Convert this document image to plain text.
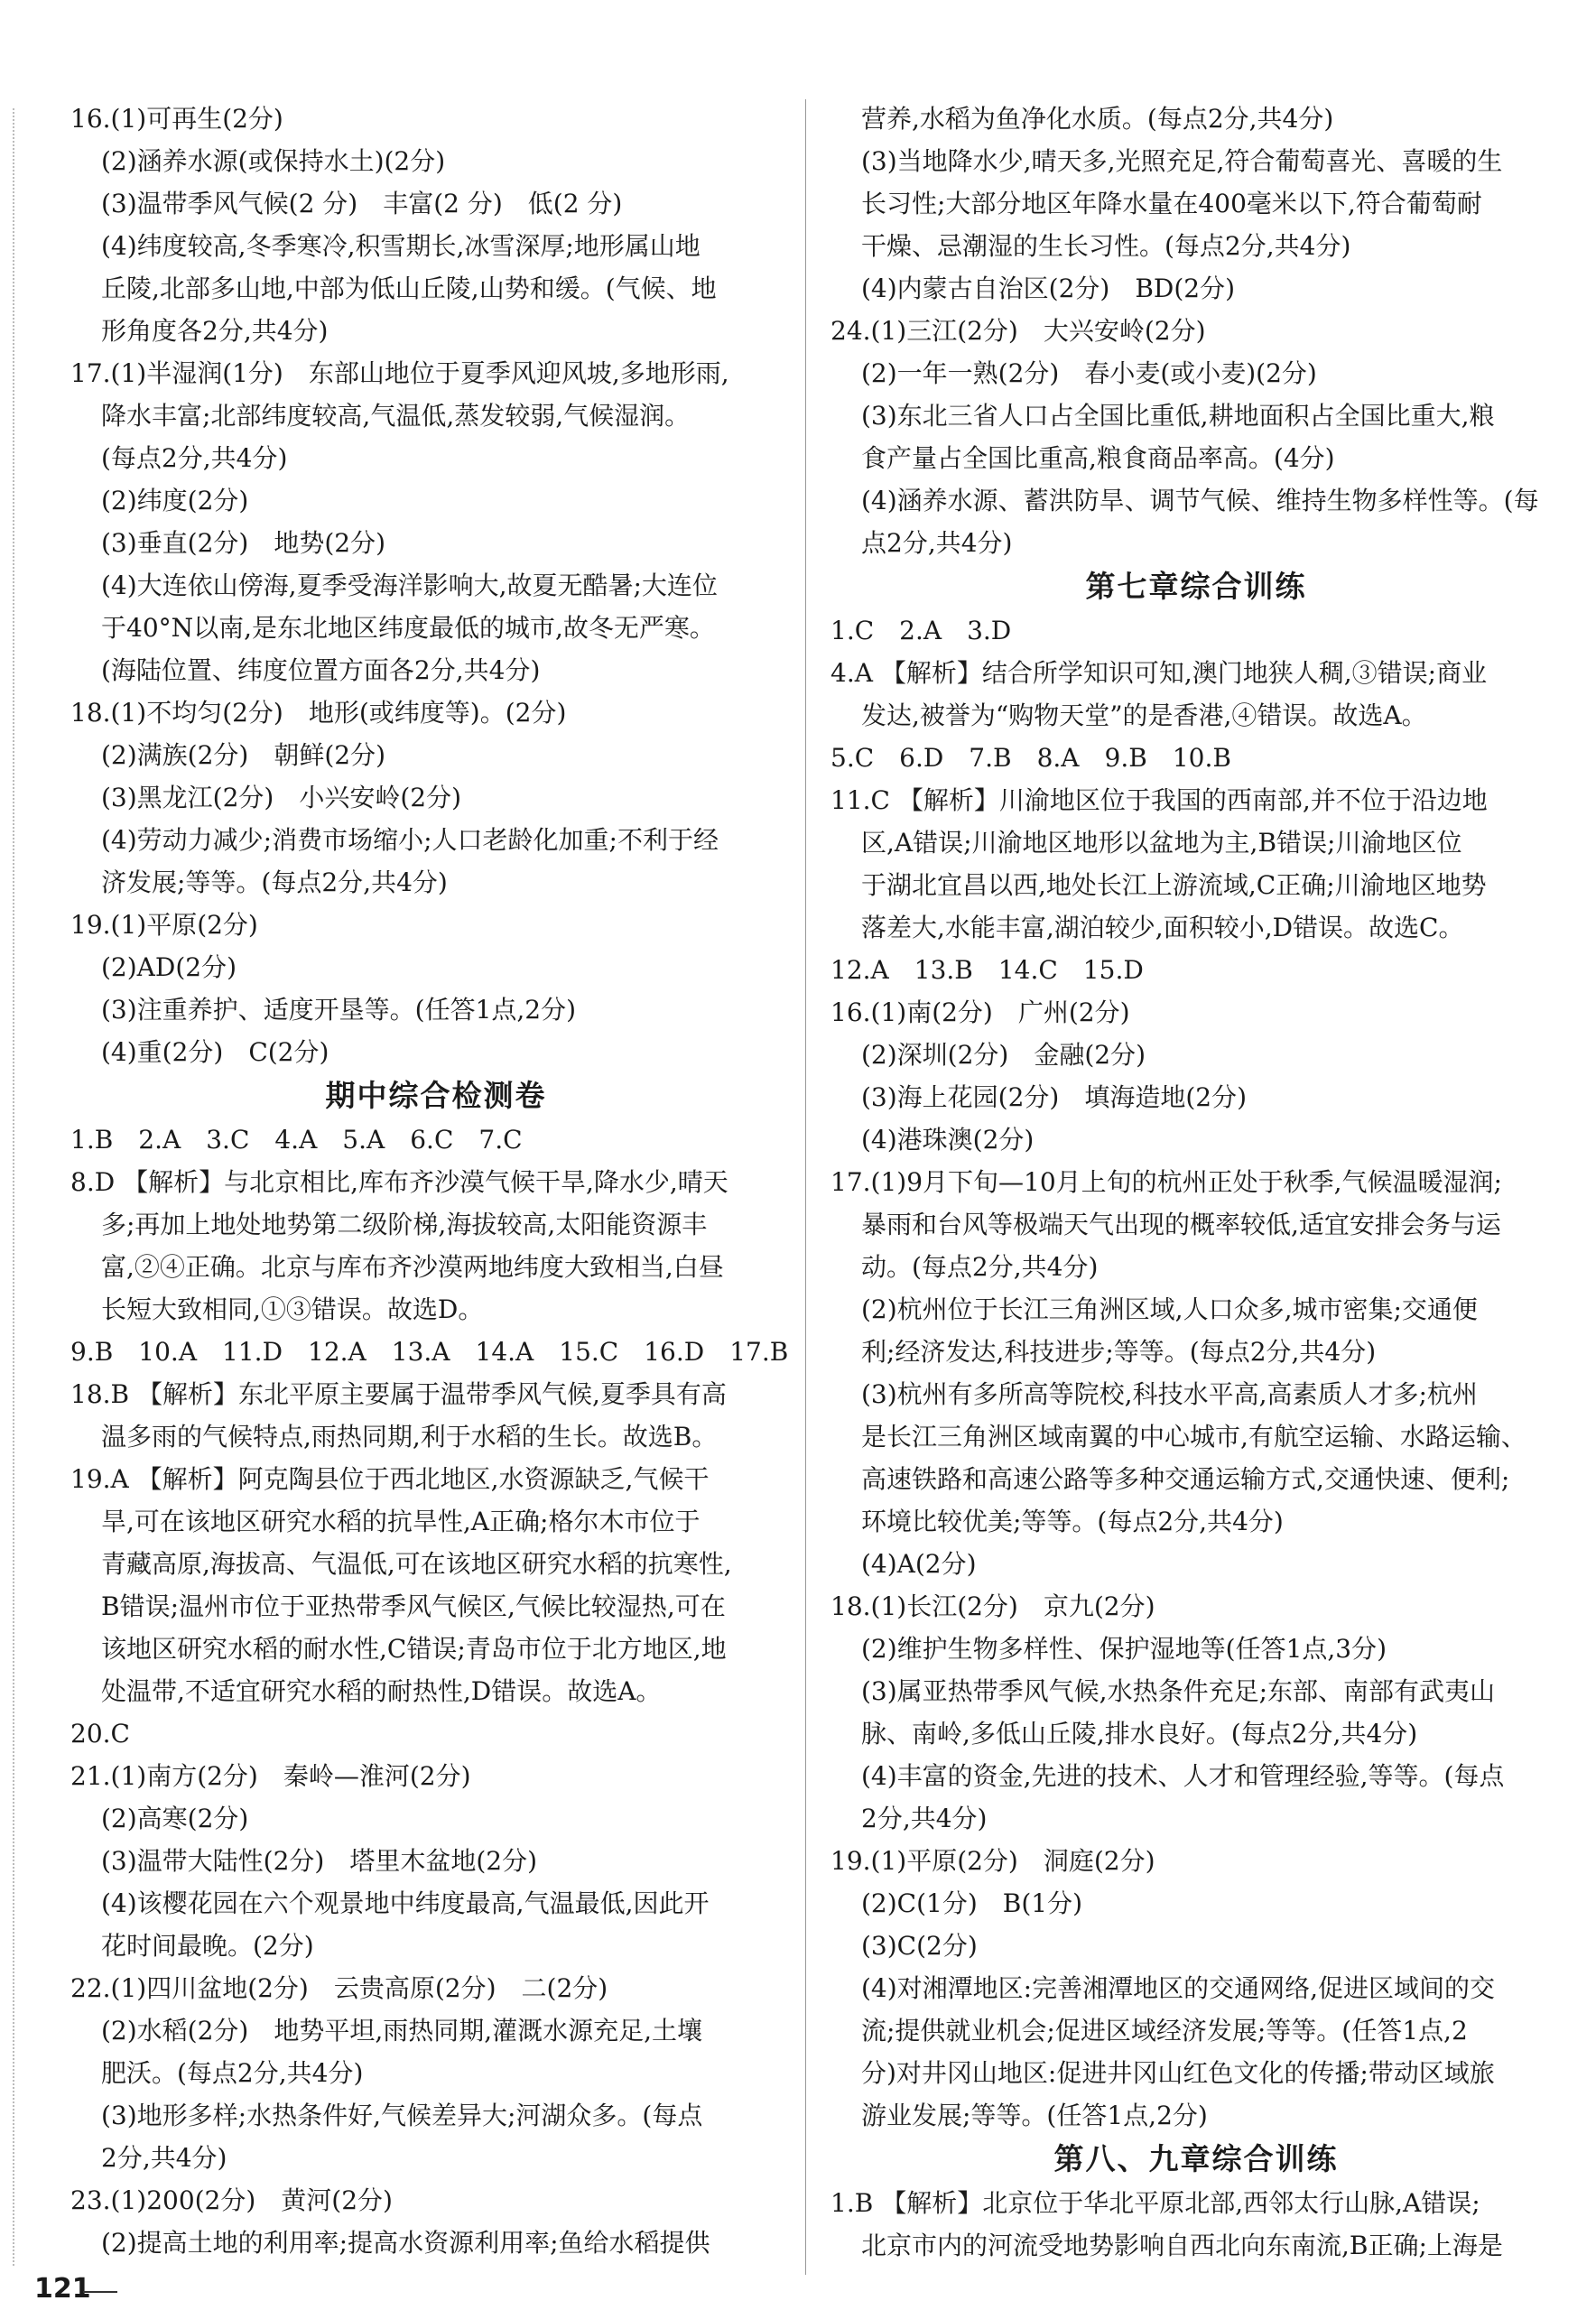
16.(1)可再生(2分)
(2)涵养水源(或保持水土)(2分)
(3)温带季风气候(2 分)　丰富(2 分)　低(2 分)
(4)纬度较高,冬季寒冷,积雪期长,冰雪深厚;地形属山地
丘陵,北部多山地,中部为低山丘陵,山势和缓。(气候、地
形角度各2分,共4分)
17.(1)半湿润(1分)　东部山地位于夏季风迎风坡,多地形雨,
降水丰富;北部纬度较高,气温低,蒸发较弱,气候湿润。
(每点2分,共4分)
(2)纬度(2分)
(3)垂直(2分)　地势(2分)
(4)大连依山傍海,夏季受海洋影响大,故夏无酷暑;大连位
于40°N以南,是东北地区纬度最低的城市,故冬无严寒。
(海陆位置、纬度位置方面各2分,共4分)
18.(1)不均匀(2分)　地形(或纬度等)。(2分)
(2)满族(2分)　朝鲜(2分)
(3)黑龙江(2分)　小兴安岭(2分)
(4)劳动力减少;消费市场缩小;人口老龄化加重;不利于经
济发展;等等。(每点2分,共4分)
19.(1)平原(2分)
(2)AD(2分)
(3)注重养护、适度开垦等。(任答1点,2分)
(4)重(2分)　C(2分)
期中综合检测卷
1.B　2.A　3.C　4.A　5.A　6.C　7.C
8.D 【解析】与北京相比,库布齐沙漠气候干旱,降水少,晴天
多;再加上地处地势第二级阶梯,海拔较高,太阳能资源丰
富,②④正确。北京与库布齐沙漠两地纬度大致相当,白昼
长短大致相同,①③错误。故选D。
9.B　10.A　11.D　12.A　13.A　14.A　15.C　16.D　17.B
18.B 【解析】东北平原主要属于温带季风气候,夏季具有高
温多雨的气候特点,雨热同期,利于水稻的生长。故选B。
19.A 【解析】阿克陶县位于西北地区,水资源缺乏,气候干
旱,可在该地区研究水稻的抗旱性,A正确;格尔木市位于
青藏高原,海拔高、气温低,可在该地区研究水稻的抗寒性,
B错误;温州市位于亚热带季风气候区,气候比较湿热,可在
该地区研究水稻的耐水性,C错误;青岛市位于北方地区,地
处温带,不适宜研究水稻的耐热性,D错误。故选A。
20.C
21.(1)南方(2分)　秦岭—淮河(2分)
(2)高寒(2分)
(3)温带大陆性(2分)　塔里木盆地(2分)
(4)该樱花园在六个观景地中纬度最高,气温最低,因此开
花时间最晚。(2分)
22.(1)四川盆地(2分)　云贵高原(2分)　二(2分)
(2)水稻(2分)　地势平坦,雨热同期,灌溉水源充足,土壤
肥沃。(每点2分,共4分)
(3)地形多样;水热条件好,气候差异大;河湖众多。(每点
2分,共4分)
23.(1)200(2分)　黄河(2分)
(2)提高土地的利用率;提高水资源利用率;鱼给水稻提供
营养,水稻为鱼净化水质。(每点2分,共4分)
(3)当地降水少,晴天多,光照充足,符合葡萄喜光、喜暖的生
长习性;大部分地区年降水量在400毫米以下,符合葡萄耐
干燥、忌潮湿的生长习性。(每点2分,共4分)
(4)内蒙古自治区(2分)　BD(2分)
24.(1)三江(2分)　大兴安岭(2分)
(2)一年一熟(2分)　春小麦(或小麦)(2分)
(3)东北三省人口占全国比重低,耕地面积占全国比重大,粮
食产量占全国比重高,粮食商品率高。(4分)
(4)涵养水源、蓄洪防旱、调节气候、维持生物多样性等。(每
点2分,共4分)
第七章综合训练
1.C　2.A　3.D
4.A 【解析】结合所学知识可知,澳门地狭人稠,③错误;商业
发达,被誉为“购物天堂”的是香港,④错误。故选A。
5.C　6.D　7.B　8.A　9.B　10.B
11.C 【解析】川渝地区位于我国的西南部,并不位于沿边地
区,A错误;川渝地区地形以盆地为主,B错误;川渝地区位
于湖北宜昌以西,地处长江上游流域,C正确;川渝地区地势
落差大,水能丰富,湖泊较少,面积较小,D错误。故选C。
12.A　13.B　14.C　15.D
16.(1)南(2分)　广州(2分)
(2)深圳(2分)　金融(2分)
(3)海上花园(2分)　填海造地(2分)
(4)港珠澳(2分)
17.(1)9月下旬—10月上旬的杭州正处于秋季,气候温暖湿润;
暴雨和台风等极端天气出现的概率较低,适宜安排会务与运
动。(每点2分,共4分)
(2)杭州位于长江三角洲区域,人口众多,城市密集;交通便
利;经济发达,科技进步;等等。(每点2分,共4分)
(3)杭州有多所高等院校,科技水平高,高素质人才多;杭州
是长江三角洲区域南翼的中心城市,有航空运输、水路运输、
高速铁路和高速公路等多种交通运输方式,交通快速、便利;
环境比较优美;等等。(每点2分,共4分)
(4)A(2分)
18.(1)长江(2分)　京九(2分)
(2)维护生物多样性、保护湿地等(任答1点,3分)
(3)属亚热带季风气候,水热条件充足;东部、南部有武夷山
脉、南岭,多低山丘陵,排水良好。(每点2分,共4分)
(4)丰富的资金,先进的技术、人才和管理经验,等等。(每点
2分,共4分)
19.(1)平原(2分)　洞庭(2分)
(2)C(1分)　B(1分)
(3)C(2分)
(4)对湘潭地区:完善湘潭地区的交通网络,促进区域间的交
流;提供就业机会;促进区域经济发展;等等。(任答1点,2
分)对井冈山地区:促进井冈山红色文化的传播;带动区域旅
游业发展;等等。(任答1点,2分)
第八、九章综合训练
1.B 【解析】北京位于华北平原北部,西邻太行山脉,A错误;
北京市内的河流受地势影响自西北向东南流,B正确;上海是
121
